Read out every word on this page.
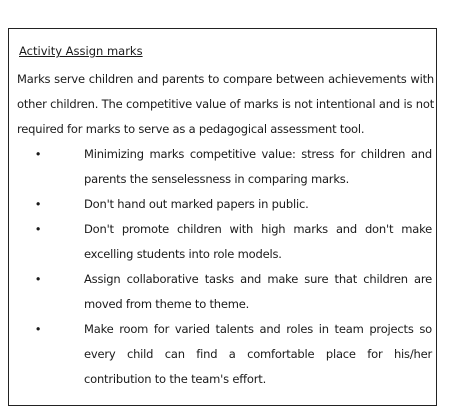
Activity Assign marks
Marks serve children and parents to compare between achievements with other children. The competitive value of marks is not intentional and is not required for marks to serve as a pedagogical assessment tool.
•	Minimizing marks competitive value: stress for children and parents the senselessness in comparing marks.
•	Don't hand out marked papers in public.
•	Don't promote children with high marks and don't make excelling students into role models.
•	Assign collaborative tasks and make sure that children are moved from theme to theme.
•	Make room for varied talents and roles in team projects so every child can find a comfortable place for his/her contribution to the team's effort.
